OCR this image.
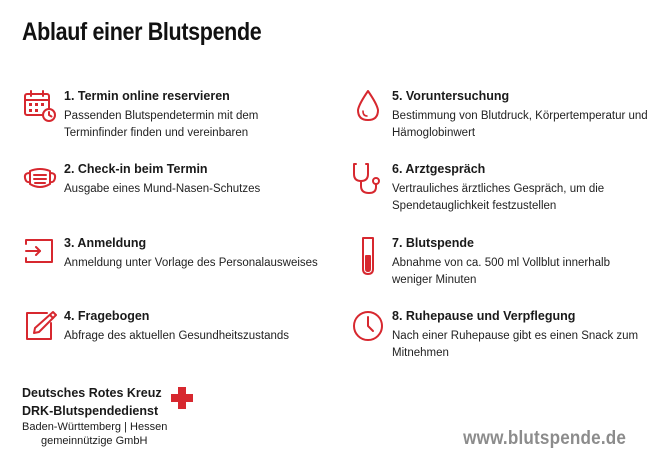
Ablauf einer Blutspende
1. Termin online reservieren
Passenden Blutspendetermin mit dem Terminfinder finden und vereinbaren
2. Check-in beim Termin
Ausgabe eines Mund-Nasen-Schutzes
3. Anmeldung
Anmeldung unter Vorlage des Personalausweises
4. Fragebogen
Abfrage des aktuellen Gesundheitszustands
5. Voruntersuchung
Bestimmung von Blutdruck, Körpertemperatur und Hämoglobinwert
6. Arztgespräch
Vertrauliches ärztliches Gespräch, um die Spendetauglichkeit festzustellen
7. Blutspende
Abnahme von ca. 500 ml Vollblut innerhalb weniger Minuten
8. Ruhepause und Verpflegung
Nach einer Ruhepause gibt es einen Snack zum Mitnehmen
Deutsches Rotes Kreuz
DRK-Blutspendedienst
Baden-Württemberg | Hessen
gemeinnützige GmbH	www.blutspende.de
